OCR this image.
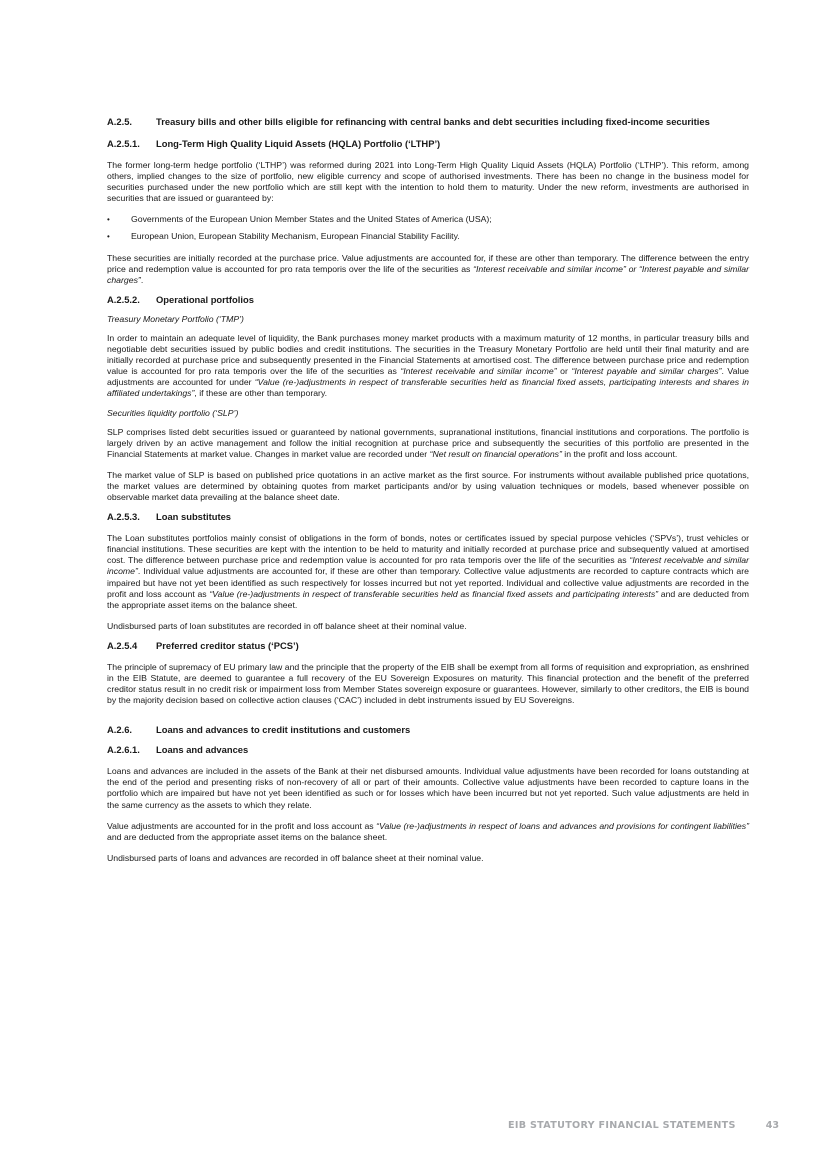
A.2.5.	Treasury bills and other bills eligible for refinancing with central banks and debt securities including fixed-income securities
A.2.5.1.	Long-Term High Quality Liquid Assets (HQLA) Portfolio (‘LTHP’)

The former long-term hedge portfolio (‘LTHP’) was reformed during 2021 into Long-Term High Quality Liquid Assets (HQLA) Portfolio (‘LTHP’). This reform, among others, implied changes to the size of portfolio, new eligible currency and scope of authorised investments. There has been no change in the business model for securities purchased under the new portfolio which are still kept with the intention to hold them to maturity. Under the new reform, investments are authorised in securities that are issued or guaranteed by:

•	Governments of the European Union Member States and the United States of America (USA);
•	European Union, European Stability Mechanism, European Financial Stability Facility.

These securities are initially recorded at the purchase price. Value adjustments are accounted for, if these are other than temporary. The difference between the entry price and redemption value is accounted for pro rata temporis over the life of the securities as “Interest receivable and similar income” or “Interest payable and similar charges”.

A.2.5.2.	Operational portfolios

Treasury Monetary Portfolio (‘TMP’)

In order to maintain an adequate level of liquidity, the Bank purchases money market products with a maximum maturity of 12 months, in particular treasury bills and negotiable debt securities issued by public bodies and credit institutions. The securities in the Treasury Monetary Portfolio are held until their final maturity and are initially recorded at purchase price and subsequently presented in the Financial Statements at amortised cost. The difference between purchase price and redemption value is accounted for pro rata temporis over the life of the securities as “Interest receivable and similar income” or “Interest payable and similar charges”. Value adjustments are accounted for under “Value (re-)adjustments in respect of transferable securities held as financial fixed assets, participating interests and shares in affiliated undertakings”, if these are other than temporary.

Securities liquidity portfolio (‘SLP’)

SLP comprises listed debt securities issued or guaranteed by national governments, supranational institutions, financial institutions and corporations. The portfolio is largely driven by an active management and follow the initial recognition at purchase price and subsequently the securities of this portfolio are presented in the Financial Statements at market value. Changes in market value are recorded under “Net result on financial operations” in the profit and loss account.

The market value of SLP is based on published price quotations in an active market as the first source. For instruments without available published price quotations, the market values are determined by obtaining quotes from market participants and/or by using valuation techniques or models, based whenever possible on observable market data prevailing at the balance sheet date.

A.2.5.3.	Loan substitutes

The Loan substitutes portfolios mainly consist of obligations in the form of bonds, notes or certificates issued by special purpose vehicles (‘SPVs’), trust vehicles or financial institutions. These securities are kept with the intention to be held to maturity and initially recorded at purchase price and subsequently valued at amortised cost. The difference between purchase price and redemption value is accounted for pro rata temporis over the life of the securities as “Interest receivable and similar income”. Individual value adjustments are accounted for, if these are other than temporary. Collective value adjustments are recorded to capture contracts which are impaired but have not yet been identified as such respectively for losses incurred but not yet reported. Individual and collective value adjustments are recorded in the profit and loss account as “Value (re-)adjustments in respect of transferable securities held as financial fixed assets and participating interests” and are deducted from the appropriate asset items on the balance sheet.

Undisbursed parts of loan substitutes are recorded in off balance sheet at their nominal value.

A.2.5.4	Preferred creditor status (‘PCS’)

The principle of supremacy of EU primary law and the principle that the property of the EIB shall be exempt from all forms of requisition and expropriation, as enshrined in the EIB Statute, are deemed to guarantee a full recovery of the EU Sovereign Exposures on maturity. This financial protection and the benefit of the preferred creditor status result in no credit risk or impairment loss from Member States sovereign exposure or guarantees. However, similarly to other creditors, the EIB is bound by the majority decision based on collective action clauses (‘CAC’) included in debt instruments issued by EU Sovereigns.

A.2.6.	Loans and advances to credit institutions and customers
A.2.6.1.	Loans and advances

Loans and advances are included in the assets of the Bank at their net disbursed amounts. Individual value adjustments have been recorded for loans outstanding at the end of the period and presenting risks of non-recovery of all or part of their amounts. Collective value adjustments have been recorded to capture loans in the portfolio which are impaired but have not yet been identified as such or for losses which have been incurred but not yet reported. Such value adjustments are held in the same currency as the assets to which they relate.

Value adjustments are accounted for in the profit and loss account as “Value (re-)adjustments in respect of loans and advances and provisions for contingent liabilities” and are deducted from the appropriate asset items on the balance sheet.

Undisbursed parts of loans and advances are recorded in off balance sheet at their nominal value.

EIB STATUTORY FINANCIAL STATEMENTS	43
